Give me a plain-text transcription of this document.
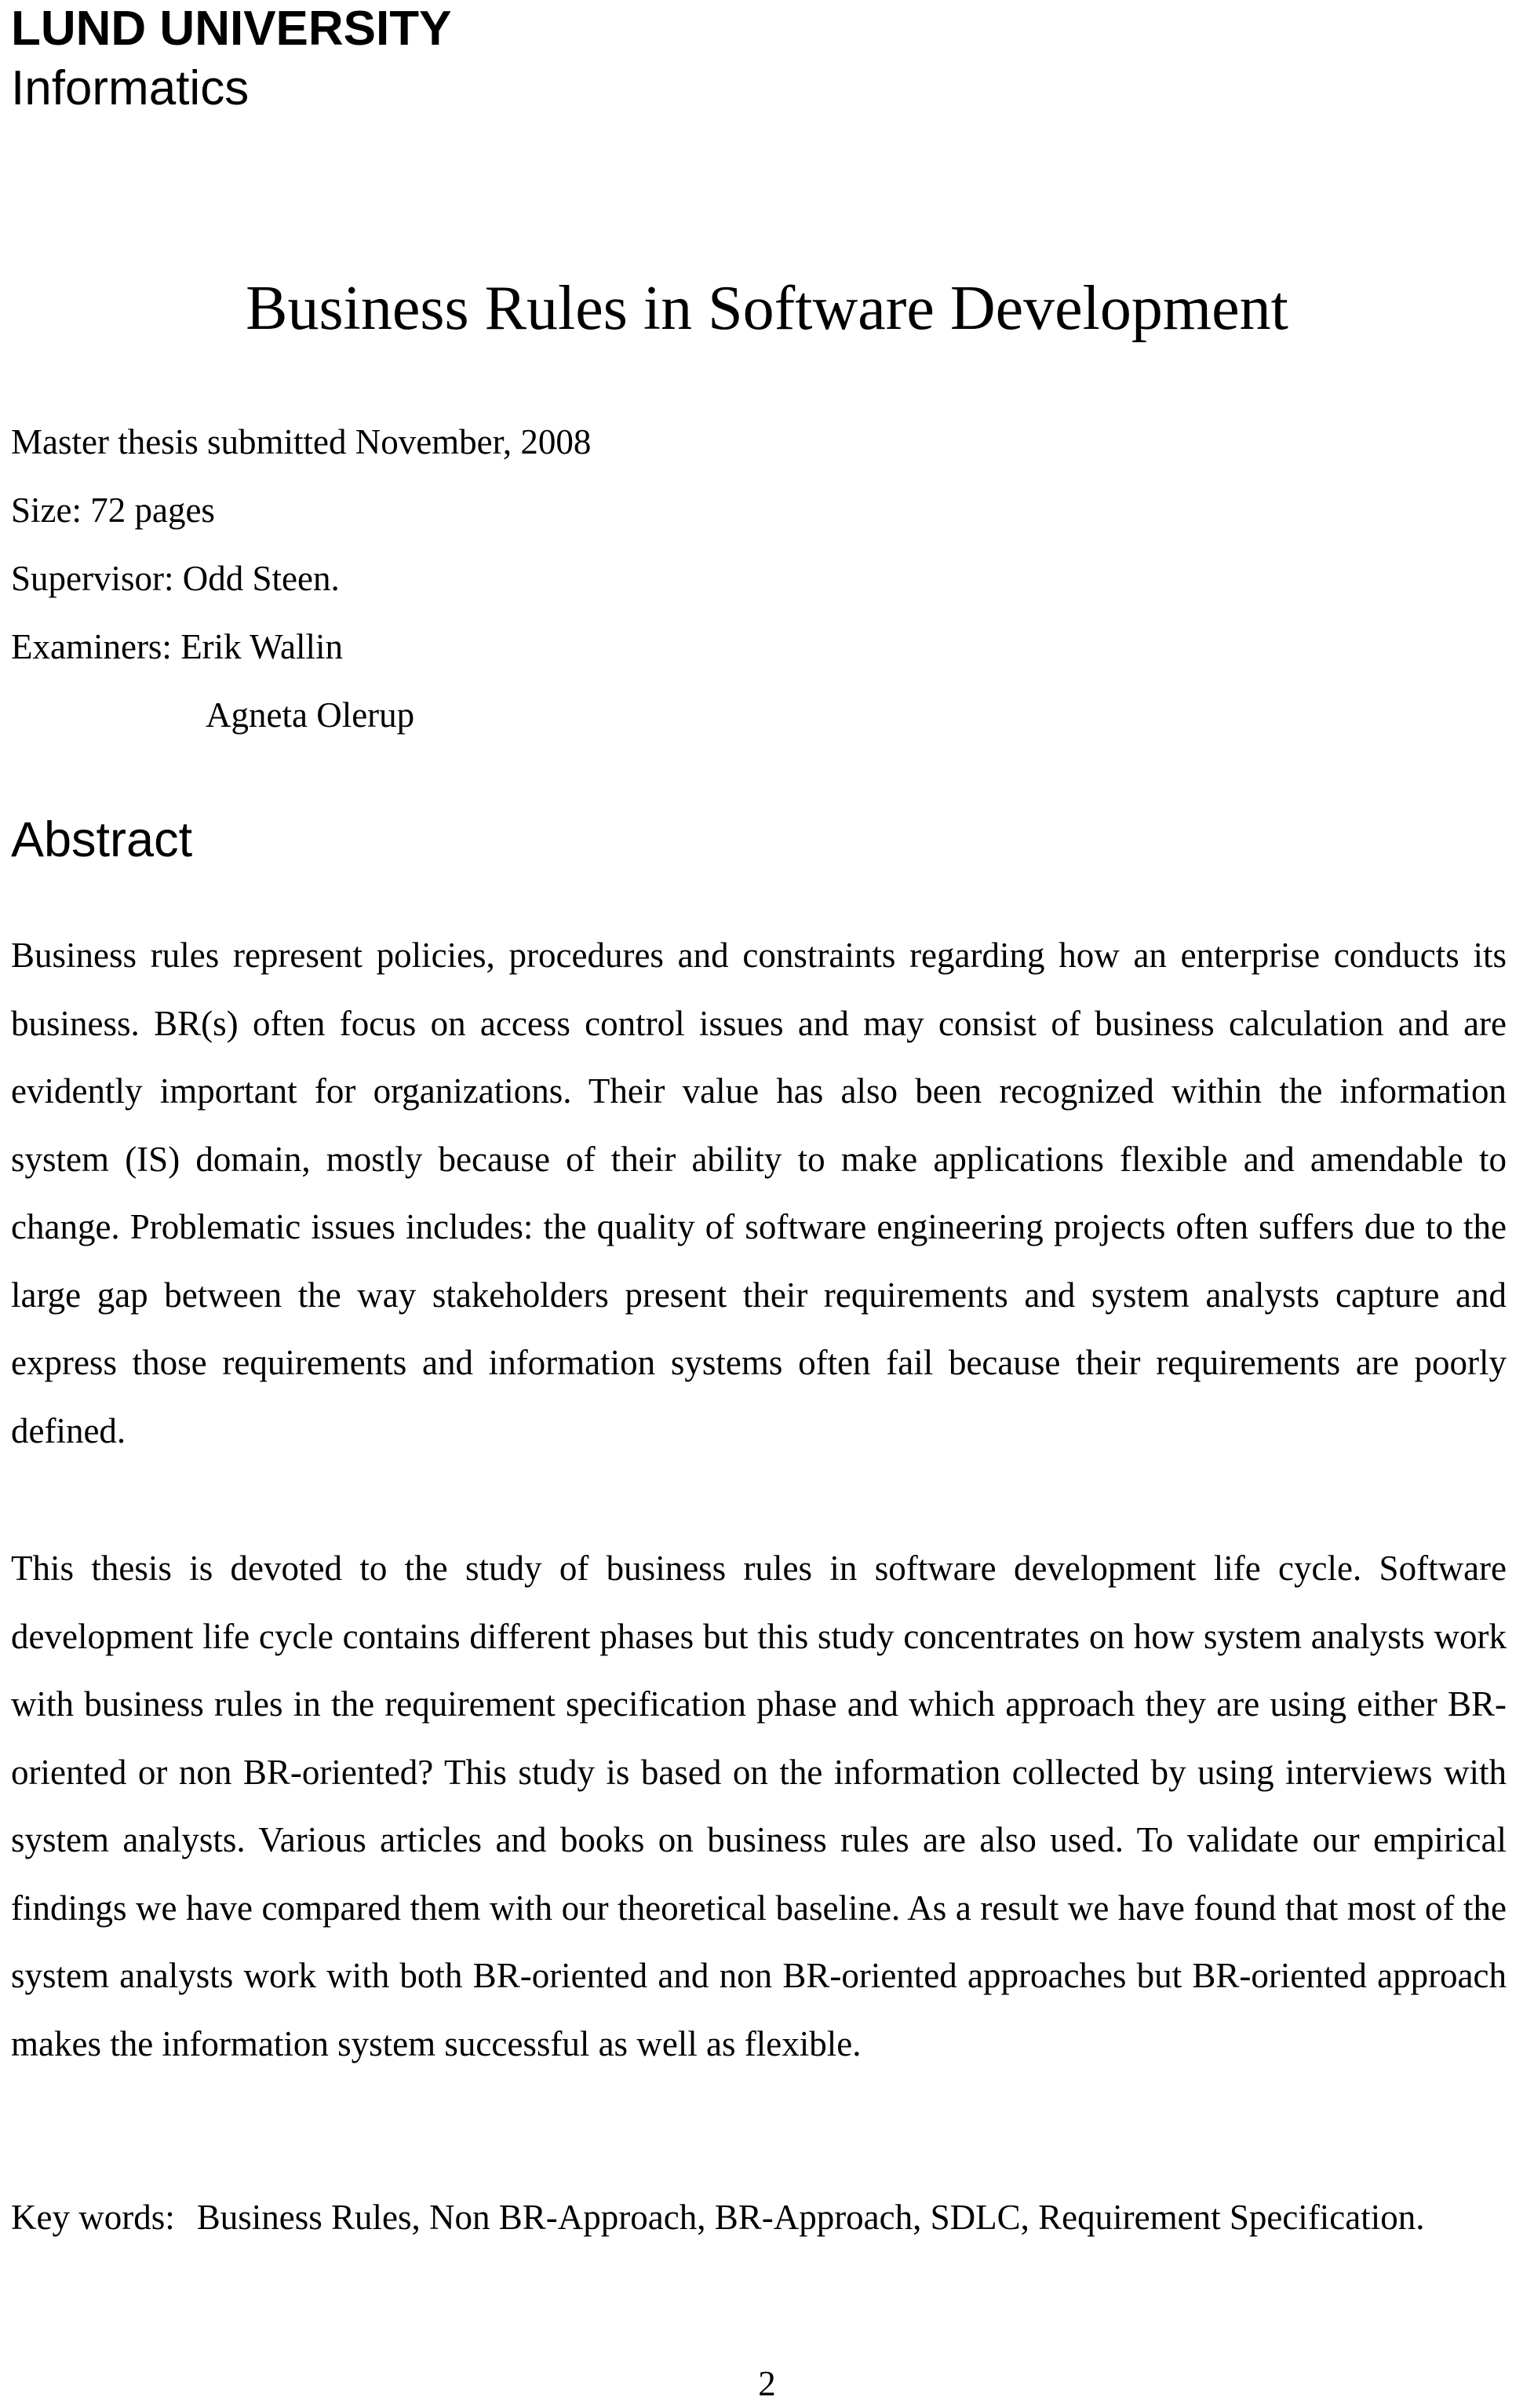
LUND UNIVERSITY
Informatics
Business Rules in Software Development
Master thesis submitted November, 2008
Size: 72 pages
Supervisor: Odd Steen.
Examiners: Erik Wallin
Agneta Olerup
Abstract

Business rules represent policies, procedures and constraints regarding how an enterprise conducts its business. BR(s) often focus on access control issues and may consist of business calculation and are evidently important for organizations. Their value has also been recognized within the information system (IS) domain, mostly because of their ability to make applications flexible and amendable to change. Problematic issues includes: the quality of software engineering projects often suffers due to the large gap between the way stakeholders present their requirements and system analysts capture and express those requirements and information systems often fail because their requirements are poorly defined.

This thesis is devoted to the study of business rules in software development life cycle. Software development life cycle contains different phases but this study concentrates on how system analysts work with business rules in the requirement specification phase and which approach they are using either BR-oriented or non BR-oriented? This study is based on the information collected by using interviews with system analysts. Various articles and books on business rules are also used. To validate our empirical findings we have compared them with our theoretical baseline. As a result we have found that most of the system analysts work with both BR-oriented and non BR-oriented approaches but BR-oriented approach makes the information system successful as well as flexible.

Key words: Business Rules, Non BR-Approach, BR-Approach, SDLC, Requirement Specification.

2
